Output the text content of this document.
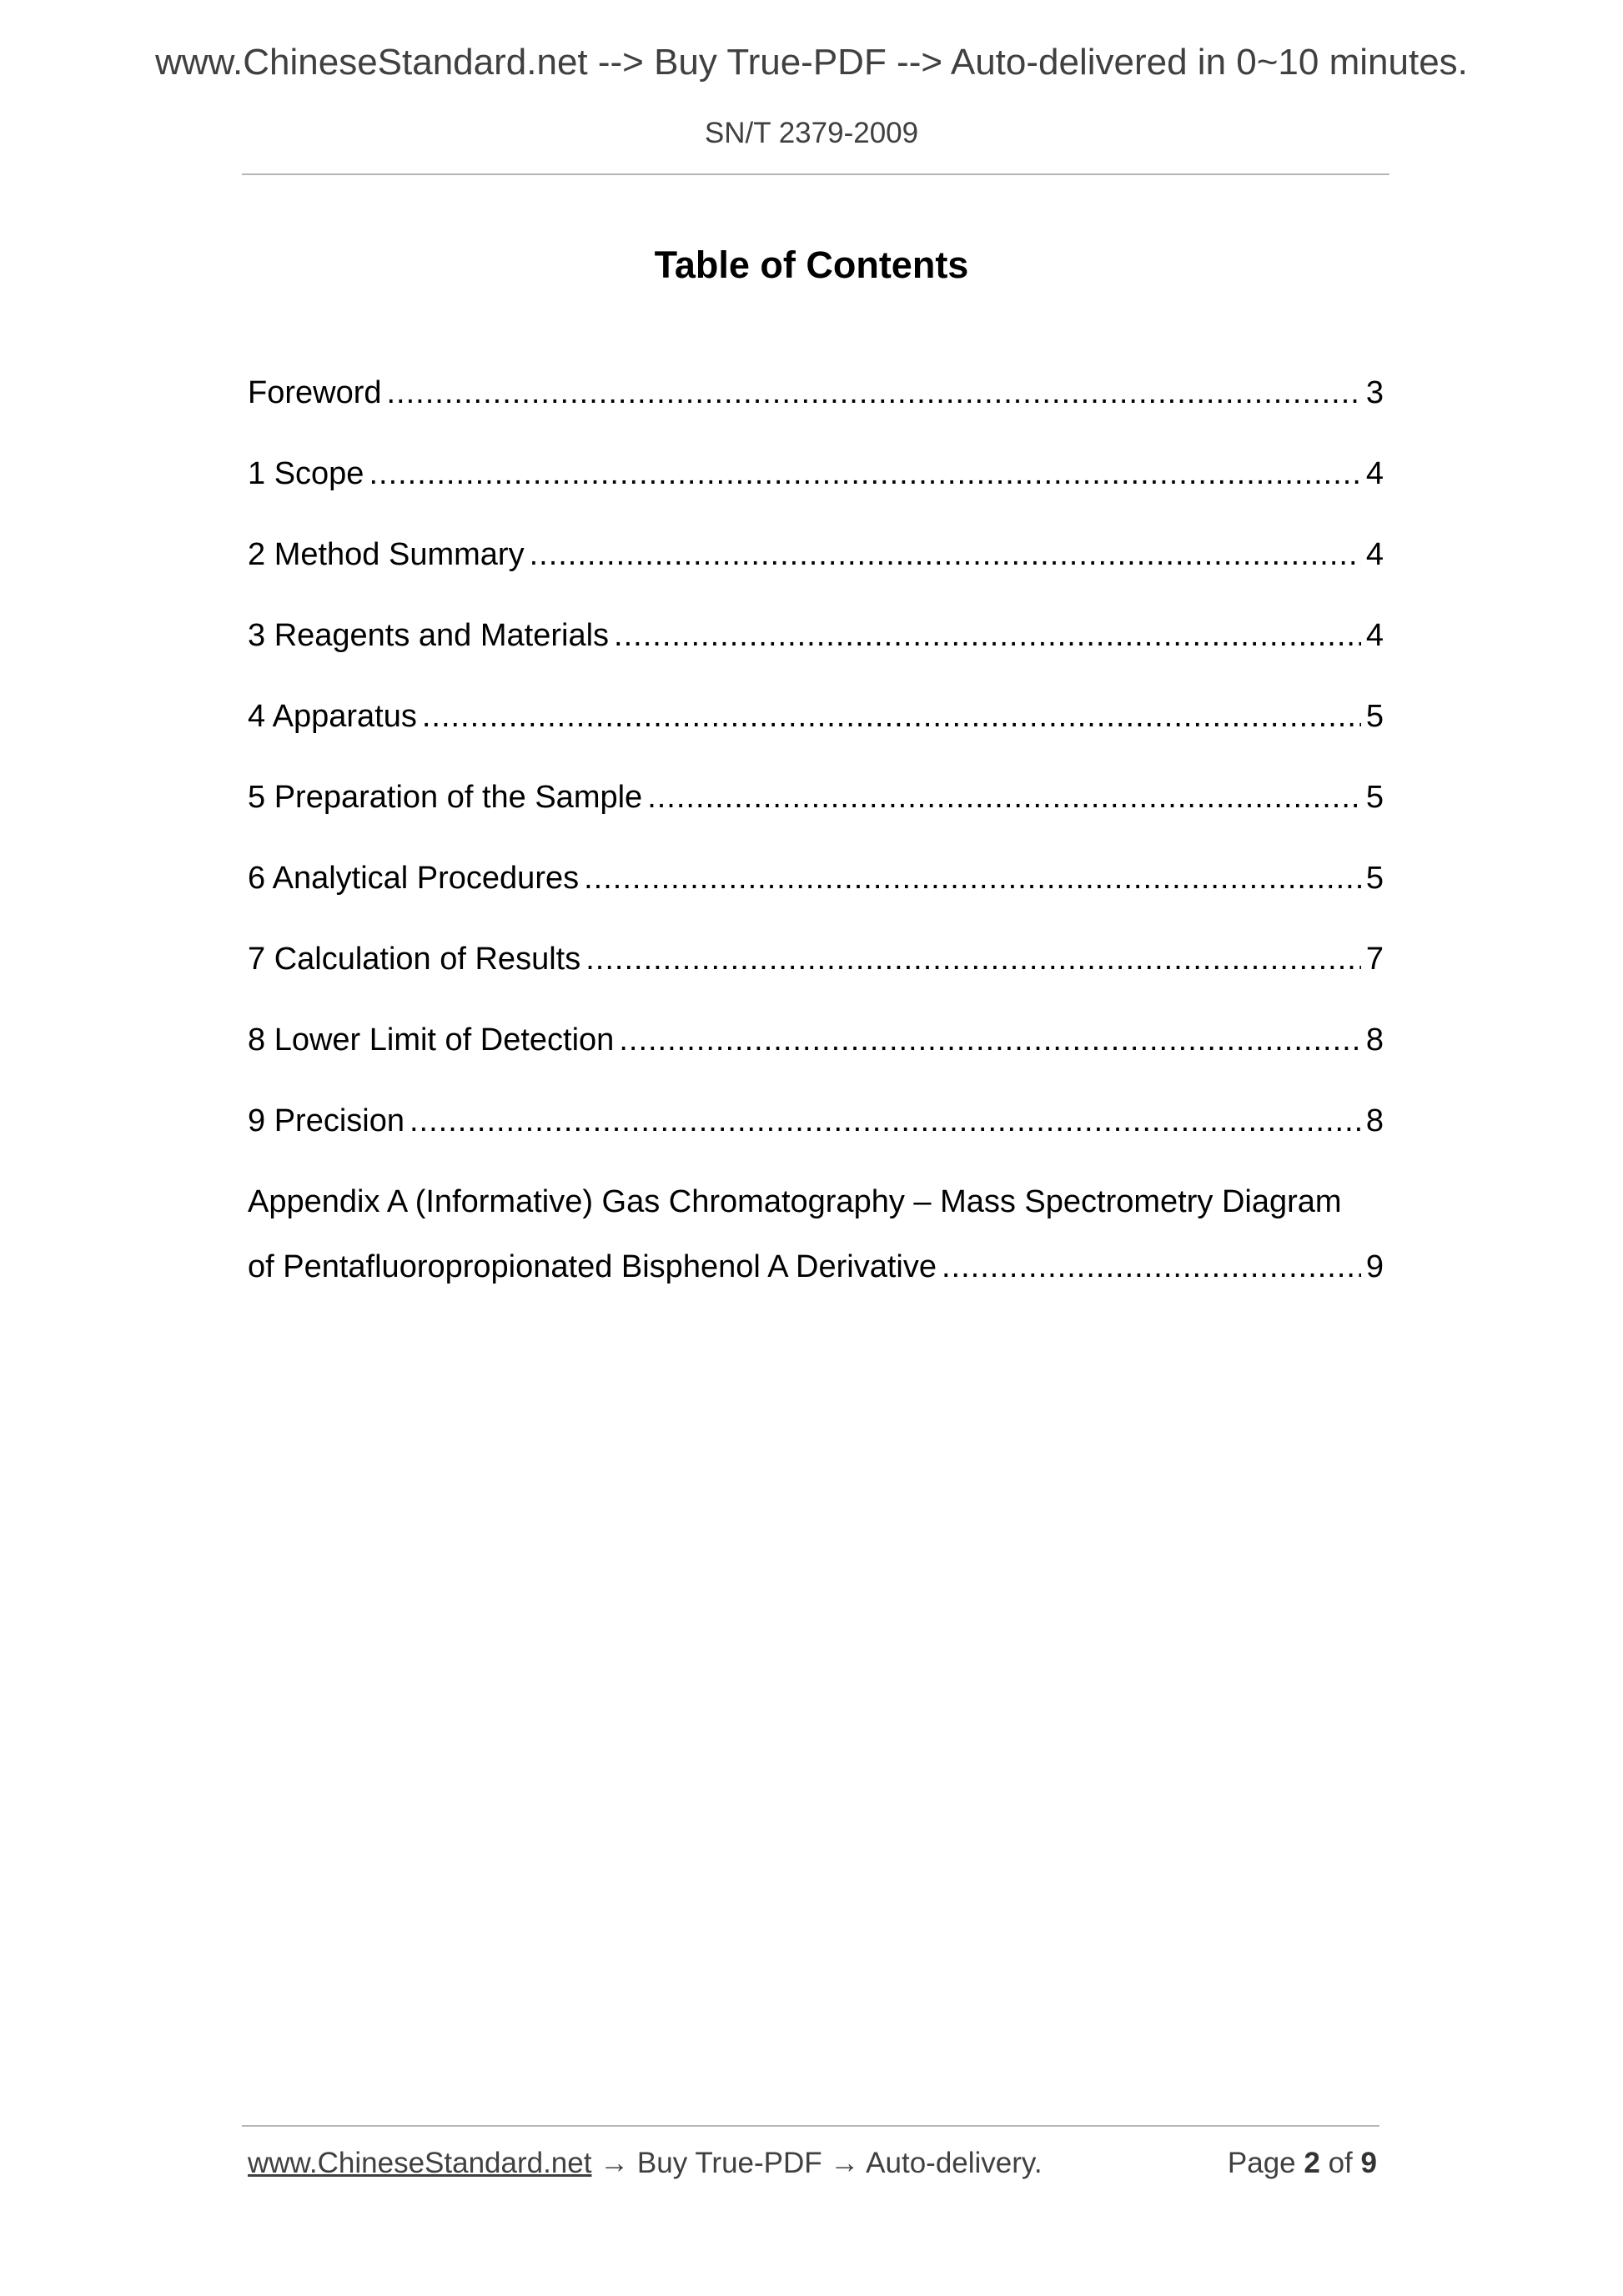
www.ChineseStandard.net --> Buy True-PDF --> Auto-delivered in 0~10 minutes.
SN/T 2379-2009
Table of Contents
Foreword .....	3
1 Scope .....	4
2 Method Summary .....	4
3 Reagents and Materials .....	4
4 Apparatus .....	5
5 Preparation of the Sample .....	5
6 Analytical Procedures .....	5
7 Calculation of Results .....	7
8 Lower Limit of Detection .....	8
9 Precision .....	8
Appendix A (Informative) Gas Chromatography – Mass Spectrometry Diagram
of Pentafluoropropionated Bisphenol A Derivative .....	9
www.ChineseStandard.net → Buy True-PDF → Auto-delivery.	Page 2 of 9
